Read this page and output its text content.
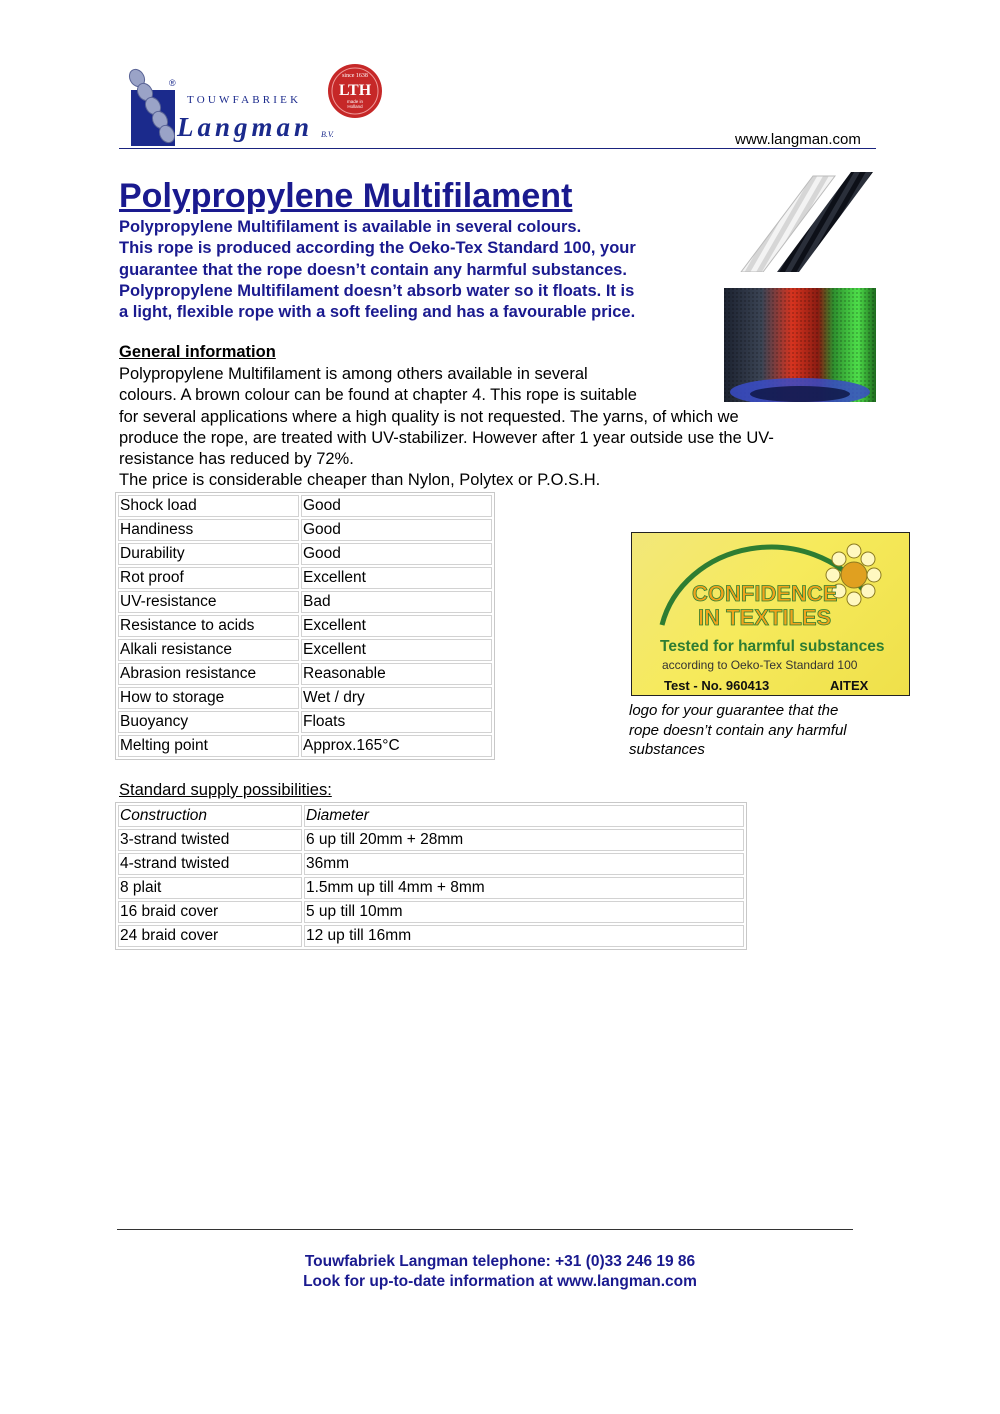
®
TOUWFABRIEK
Langman B.V.
since 1638
LTH
made in
Holland
www.langman.com
Polypropylene Multifilament
Polypropylene Multifilament is available in several colours.
This rope is produced according the Oeko-Tex Standard 100, your
guarantee that the rope doesn’t contain any harmful substances.
Polypropylene Multifilament doesn’t absorb water so it floats. It is
a light, flexible rope with a soft feeling and has a favourable price.
General information
Polypropylene Multifilament is among others available in several
colours. A brown colour can be found at chapter 4. This rope is suitable
for several applications where a high quality is not requested. The yarns, of which we
produce the rope, are treated with UV-stabilizer. However after 1 year outside use the UV-
resistance has reduced by 72%.
The price is considerable cheaper than Nylon, Polytex or P.O.S.H.
Shock load	Good
Handiness	Good
Durability	Good
Rot proof	Excellent
UV-resistance	Bad
Resistance to acids	Excellent
Alkali resistance	Excellent
Abrasion resistance	Reasonable
How to storage	Wet / dry
Buoyancy	Floats
Melting point	Approx.165°C
CONFIDENCE
IN TEXTILES
Tested for harmful substances
according to Oeko-Tex Standard 100
Test - No. 960413	AITEX
logo for your guarantee that the
rope doesn’t contain any harmful
substances
Standard supply possibilities:
Construction	Diameter
3-strand twisted	6 up till 20mm + 28mm
4-strand twisted	36mm
8 plait	1.5mm up till 4mm + 8mm
16 braid cover	5 up till 10mm
24 braid cover	12 up till 16mm
Touwfabriek Langman telephone: +31 (0)33 246 19 86
Look for up-to-date information at www.langman.com
